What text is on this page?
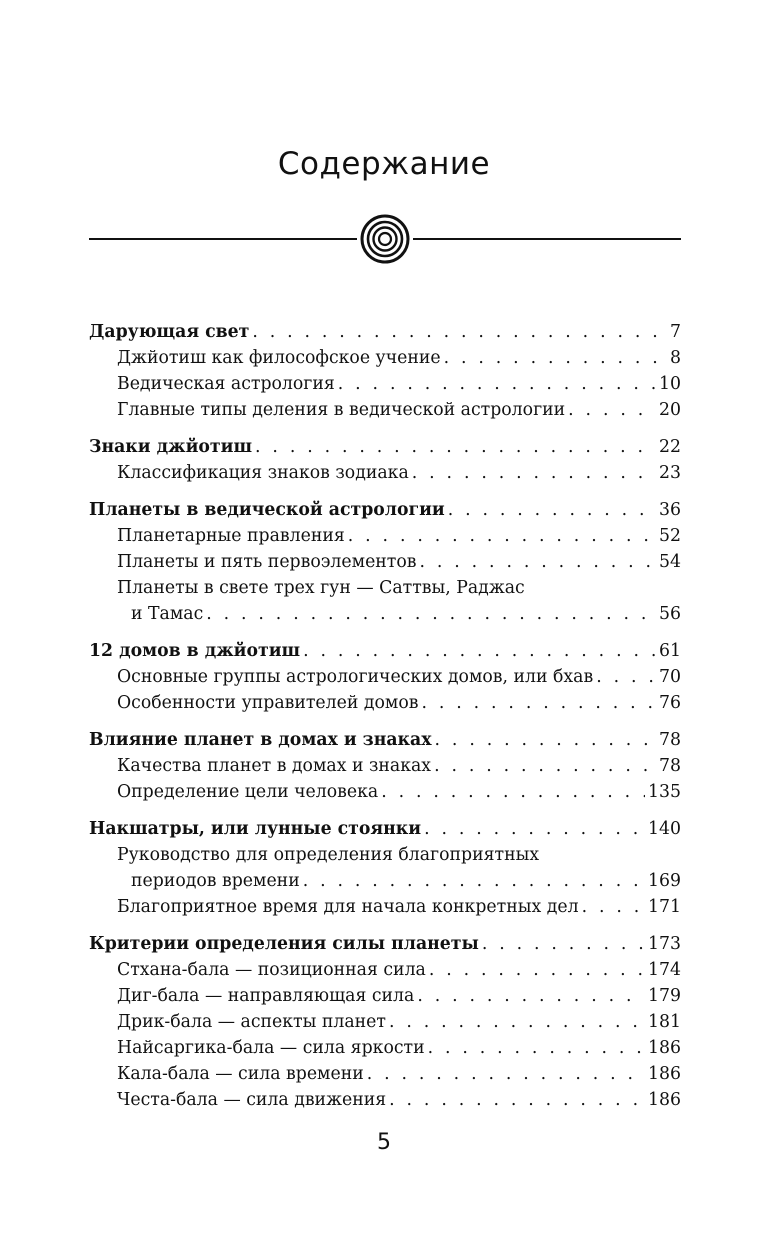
Содержание
Дарующая свет . . .	7
Джйотиш как философское учение . . .	8
Ведическая астрология . . .	10
Главные типы деления в ведической астрологии . . .	20
Знаки джйотиш . . .	22
Классификация знаков зодиака . . .	23
Планеты в ведической астрологии . . .	36
Планетарные правления . . .	52
Планеты и пять первоэлементов . . .	54
Планеты в свете трех гун — Саттвы, Раджас
и Тамас . . .	56
12 домов в джйотиш . . .	61
Основные группы астрологических домов, или бхав . . .	70
Особенности управителей домов . . .	76
Влияние планет в домах и знаках . . .	78
Качества планет в домах и знаках . . .	78
Определение цели человека . . .	135
Накшатры, или лунные стоянки . . .	140
Руководство для определения благоприятных
периодов времени . . .	169
Благоприятное время для начала конкретных дел . . .	171
Критерии определения силы планеты . . .	173
Стхана-бала — позиционная сила . . .	174
Диг-бала — направляющая сила . . .	179
Дрик-бала — аспекты планет . . .	181
Найсаргика-бала — сила яркости . . .	186
Кала-бала — сила времени . . .	186
Честа-бала — сила движения . . .	186
5
